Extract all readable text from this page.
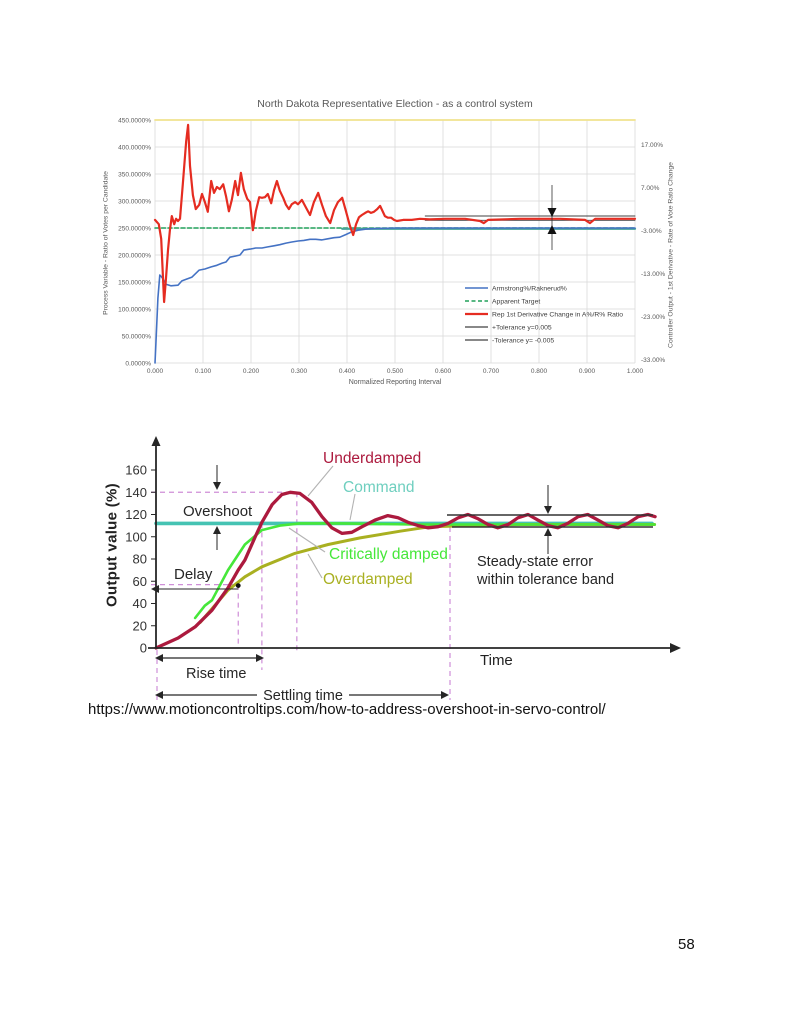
450.0000%
400.0000%
350.0000%
300.0000%
250.0000%
200.0000%
150.0000%
100.0000%
50.0000%
0.0000%
17.00%
7.00%
-3.00%
-13.00%
-23.00%
-33.00%
0.000	0.100	0.200	0.300	0.400	0.500	0.600	0.700	0.800	0.900	1.000
Armstrong%/Raknerud%
Apparent Target
Rep 1st Derivative Change in A%/R% Ratio
+Tolerance y=0.005
-Tolerance y= -0.005
North Dakota Representative Election - as a control system
Process Variable - Ratio of Votes per Candidate	Controller Output - 1st Derivative - Rate of Vote Ratio Change
Normalized Reporting Interval
0
20
40
60
80
100
120
140
160
Overshoot
Delay
Rise time
Settling time
Steady-state error
within tolerance band
Underdamped
Command
Critically damped
Overdamped
Output value (%)
Time

https://www.motioncontroltips.com/how-to-address-overshoot-in-servo-control/

58
